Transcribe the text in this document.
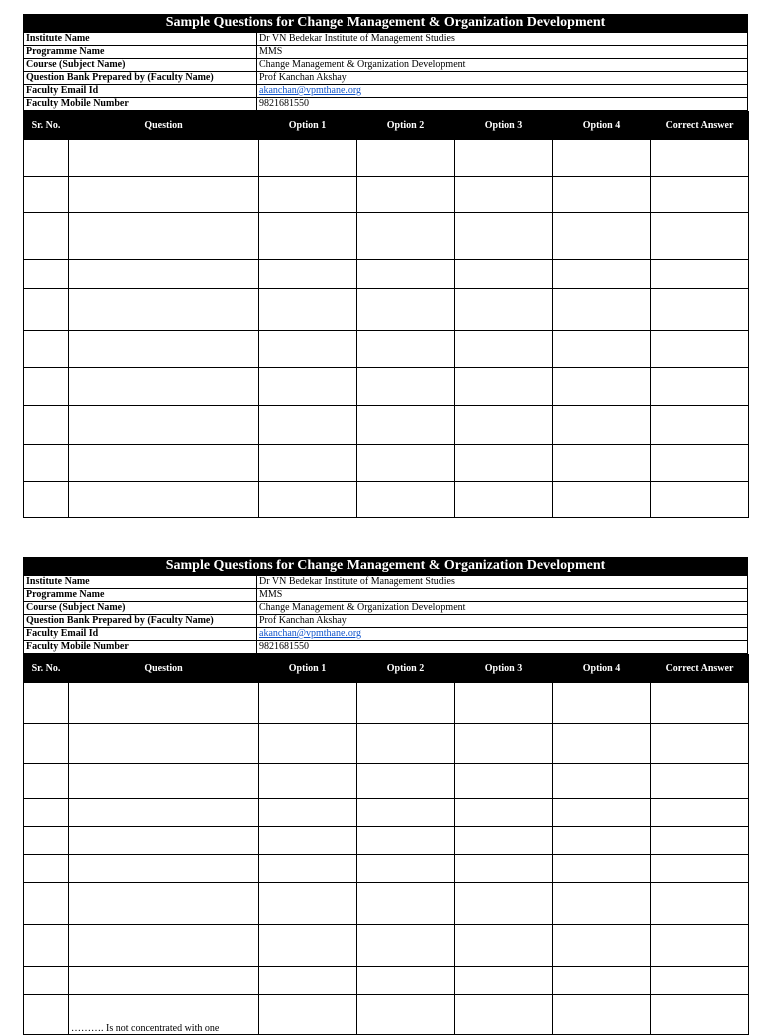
Sample Questions for Change Management & Organization Development
Institute Name	Dr VN Bedekar Institute of Management Studies
Programme Name	MMS
Course (Subject Name)	Change Management & Organization Development
Question Bank Prepared by (Faculty Name)	Prof Kanchan Akshay
Faculty Email Id	akanchan@vpmthane.org
Faculty Mobile Number	9821681550
Sr. No.	Question	Option 1	Option 2	Option 3	Option 4	Correct Answer

Sample Questions for Change Management & Organization Development
Institute Name	Dr VN Bedekar Institute of Management Studies
Programme Name	MMS
Course (Subject Name)	Change Management & Organization Development
Question Bank Prepared by (Faculty Name)	Prof Kanchan Akshay
Faculty Email Id	akanchan@vpmthane.org
Faculty Mobile Number	9821681550
Sr. No.	Question	Option 1	Option 2	Option 3	Option 4	Correct Answer

	………. Is not concentrated with one					
